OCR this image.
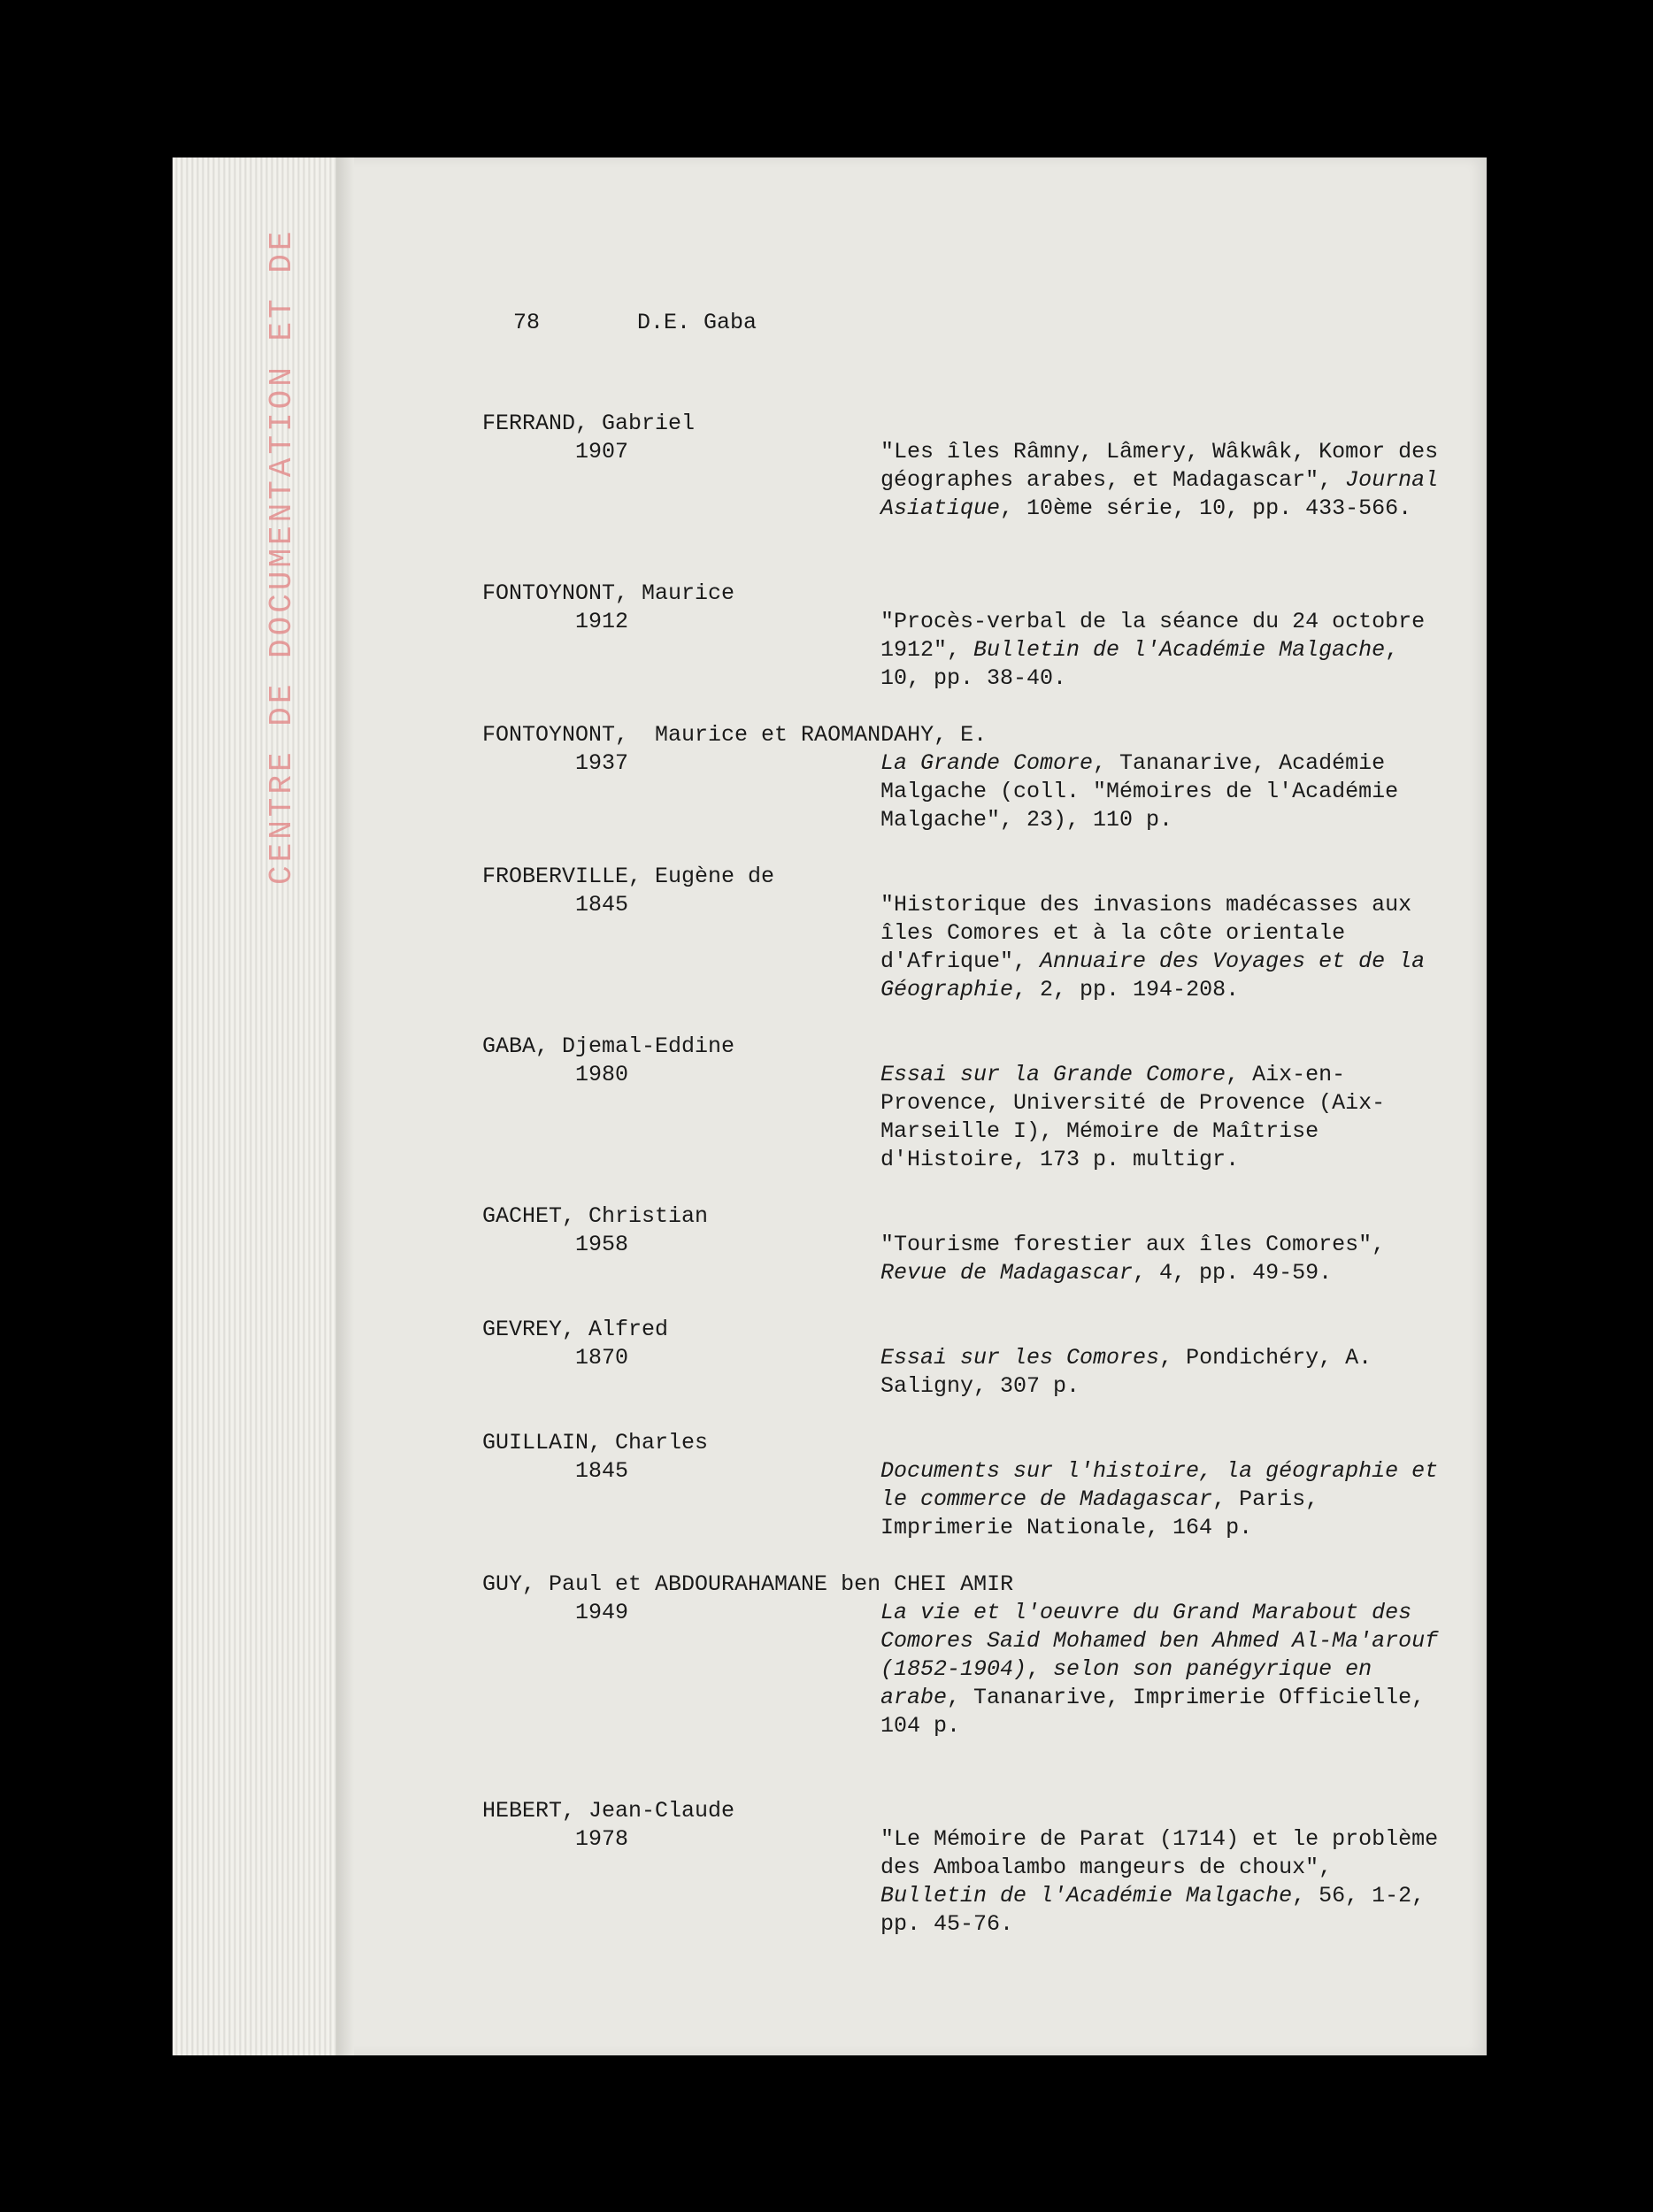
CENTRE DE DOCUMENTATION ET DE	78	D.E. Gaba
FERRAND, Gabriel
1907	"Les îles Râmny, Lâmery, Wâkwâk, Komor des géographes arabes, et Madagascar", Journal Asiatique, 10ème série, 10, pp. 433-566.
FONTOYNONT, Maurice
1912	"Procès-verbal de la séance du 24 octobre 1912", Bulletin de l'Académie Malgache, 10, pp. 38-40.
FONTOYNONT,  Maurice et RAOMANDAHY, E.
1937	La Grande Comore, Tananarive, Académie Malgache (coll. "Mémoires de l'Académie Malgache", 23), 110 p.
FROBERVILLE, Eugène de
1845	"Historique des invasions madécasses aux îles Comores et à la côte orientale d'Afrique", Annuaire des Voyages et de la Géographie, 2, pp. 194-208.
GABA, Djemal-Eddine
1980	Essai sur la Grande Comore, Aix-en-Provence, Université de Provence (Aix-Marseille I), Mémoire de Maîtrise d'Histoire, 173 p. multigr.
GACHET, Christian
1958	"Tourisme forestier aux îles Comores", Revue de Madagascar, 4, pp. 49-59.
GEVREY, Alfred
1870	Essai sur les Comores, Pondichéry, A. Saligny, 307 p.
GUILLAIN, Charles
1845	Documents sur l'histoire, la géographie et le commerce de Madagascar, Paris, Imprimerie Nationale, 164 p.
GUY, Paul et ABDOURAHAMANE ben CHEI AMIR
1949	La vie et l'oeuvre du Grand Marabout des Comores Said Mohamed ben Ahmed Al-Ma'arouf (1852-1904), selon son panégyrique en arabe, Tananarive, Imprimerie Officielle, 104 p.
HEBERT, Jean-Claude
1978	"Le Mémoire de Parat (1714) et le problème des Amboalambo mangeurs de choux", Bulletin de l'Académie Malgache, 56, 1-2, pp. 45-76.
